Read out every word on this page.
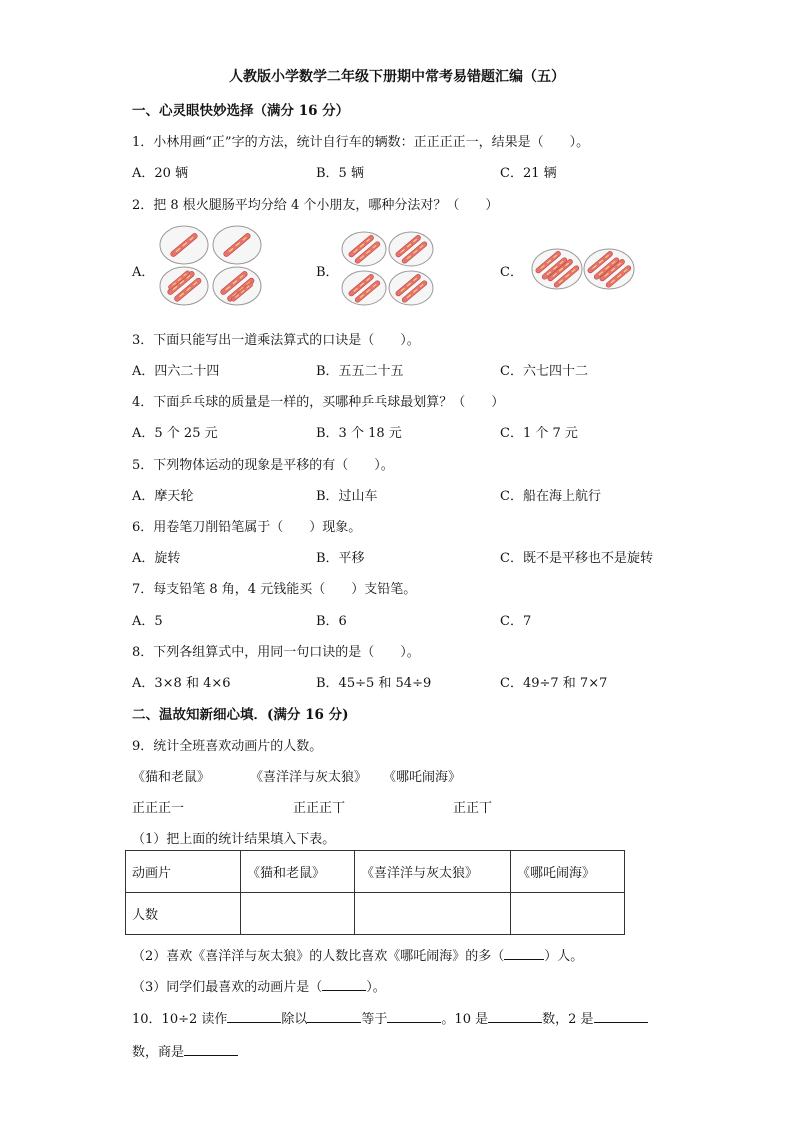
人教版小学数学二年级下册期中常考易错题汇编（五）
一、心灵眼快妙选择（满分 16 分）
1．小林用画“正”字的方法，统计自行车的辆数：正正正正一，结果是（　　）。
A．20 辆	B．5 辆	C．21 辆
2．把 8 根火腿肠平均分给 4 个小朋友，哪种分法对？（　　）
A．	B．	C．
3．下面只能写出一道乘法算式的口诀是（　　）。
A．四六二十四	B．五五二十五	C．六七四十二
4．下面乒乓球的质量是一样的，买哪种乒乓球最划算？（　　）
A．5 个 25 元	B．3 个 18 元	C．1 个 7 元
5．下列物体运动的现象是平移的有（　　）。
A．摩天轮	B．过山车	C．船在海上航行
6．用卷笔刀削铅笔属于（　　）现象。
A．旋转	B．平移	C．既不是平移也不是旋转
7．每支铅笔 8 角，4 元钱能买（　　）支铅笔。
A．5	B．6	C．7
8．下列各组算式中，用同一句口诀的是（　　）。
A．3×8 和 4×6	B．45÷5 和 54÷9	C．49÷7 和 7×7
二、温故知新细心填．(满分 16 分)
9．统计全班喜欢动画片的人数。
《猫和老鼠》	《喜洋洋与灰太狼》 《哪吒闹海》
正正正一	正正正丅	正正丅
（1）把上面的统计结果填入下表。
动画片	《猫和老鼠》	《喜洋洋与灰太狼》	《哪吒闹海》
人数			
（2）喜欢《喜洋洋与灰太狼》的人数比喜欢《哪吒闹海》的多（	）人。
（3）同学们最喜欢的动画片是（	）。
10．10÷2 读作	除以	等于	。10 是	数，2 是
数，商是
